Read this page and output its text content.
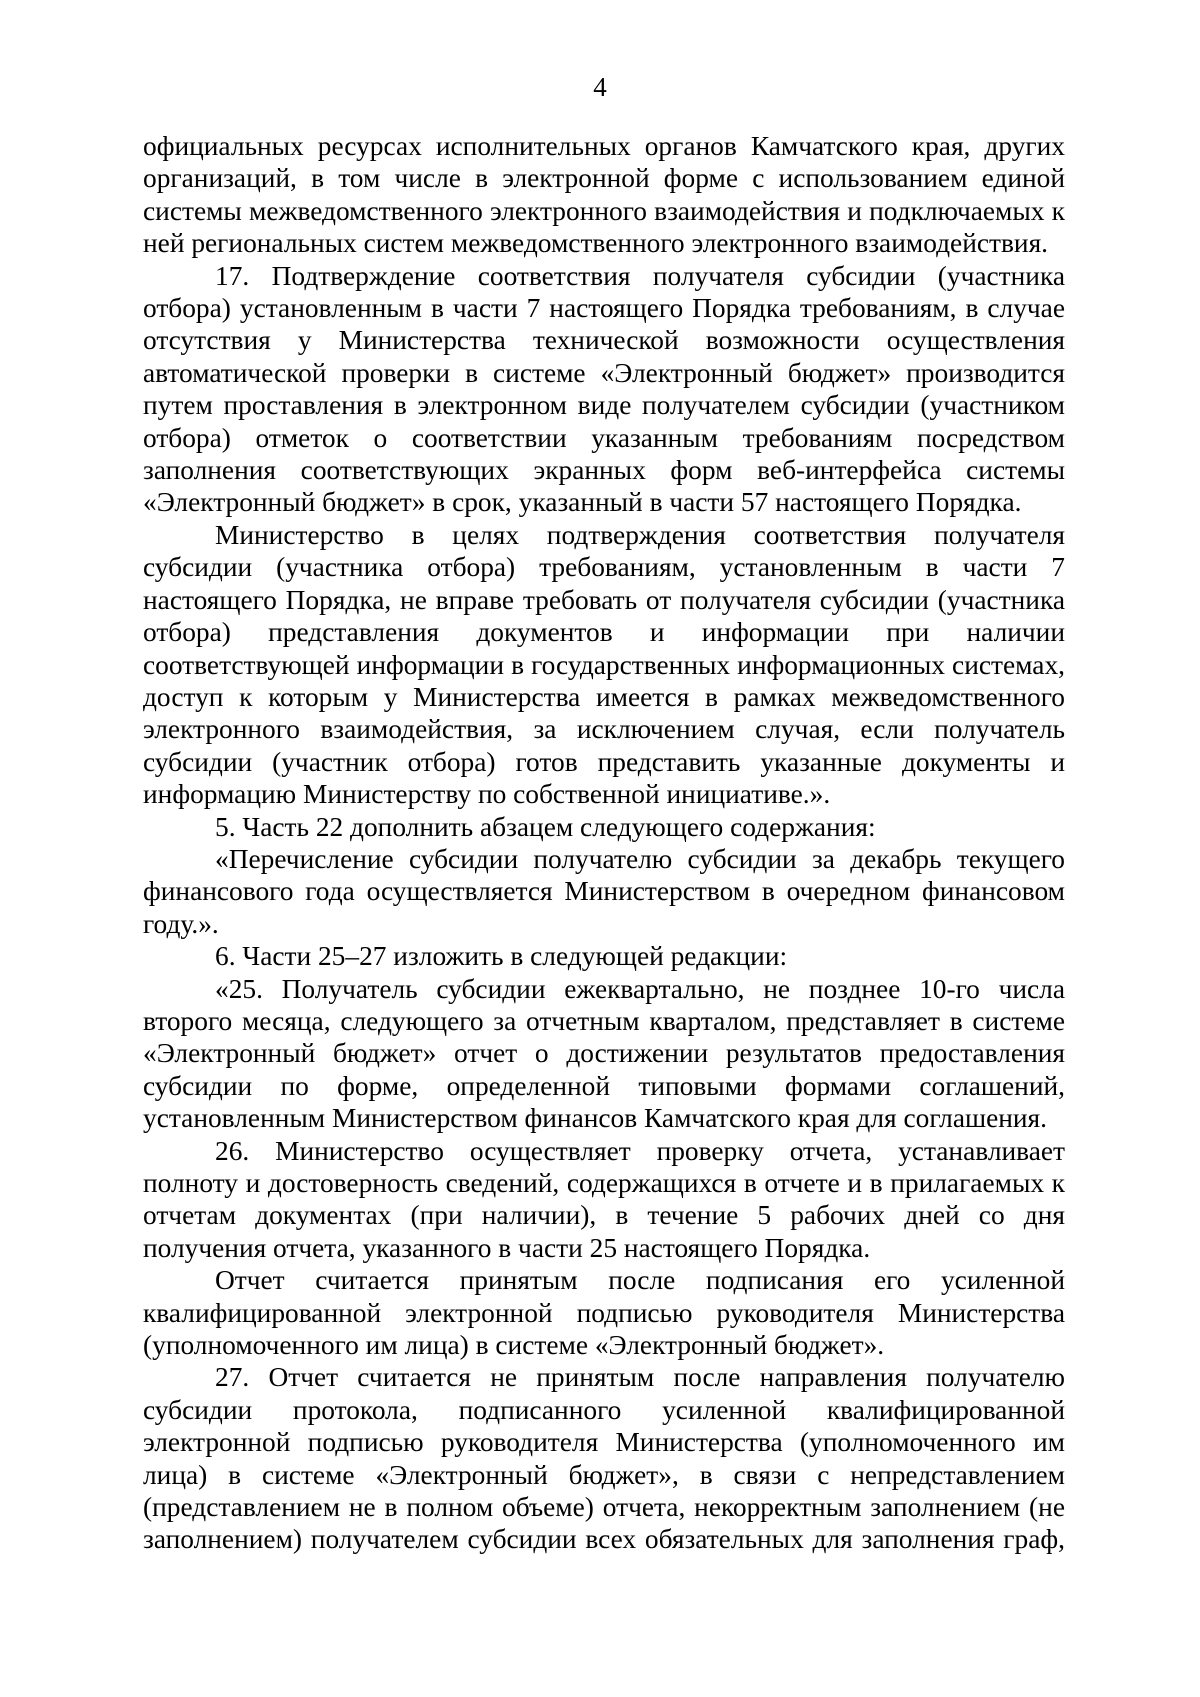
4

официальных ресурсах исполнительных органов Камчатского края, других организаций, в том числе в электронной форме с использованием единой системы межведомственного электронного взаимодействия и подключаемых к ней региональных систем межведомственного электронного взаимодействия.

17. Подтверждение соответствия получателя субсидии (участника отбора) установленным в части 7 настоящего Порядка требованиям, в случае отсутствия у Министерства технической возможности осуществления автоматической проверки в системе «Электронный бюджет» производится путем проставления в электронном виде получателем субсидии (участником отбора) отметок о соответствии указанным требованиям посредством заполнения соответствующих экранных форм веб-интерфейса системы «Электронный бюджет» в срок, указанный в части 57 настоящего Порядка.

Министерство в целях подтверждения соответствия получателя субсидии (участника отбора) требованиям, установленным в части 7 настоящего Порядка, не вправе требовать от получателя субсидии (участника отбора) представления документов и информации при наличии соответствующей информации в государственных информационных системах, доступ к которым у Министерства имеется в рамках межведомственного электронного взаимодействия, за исключением случая, если получатель субсидии (участник отбора) готов представить указанные документы и информацию Министерству по собственной инициативе.».

5. Часть 22 дополнить абзацем следующего содержания:

«Перечисление субсидии получателю субсидии за декабрь текущего финансового года осуществляется Министерством в очередном финансовом году.».

6. Части 25–27 изложить в следующей редакции:

«25. Получатель субсидии ежеквартально, не позднее 10-го числа второго месяца, следующего за отчетным кварталом, представляет в системе «Электронный бюджет» отчет о достижении результатов предоставления субсидии по форме, определенной типовыми формами соглашений, установленным Министерством финансов Камчатского края для соглашения.

26. Министерство осуществляет проверку отчета, устанавливает полноту и достоверность сведений, содержащихся в отчете и в прилагаемых к отчетам документах (при наличии), в течение 5 рабочих дней со дня получения отчета, указанного в части 25 настоящего Порядка.

Отчет считается принятым после подписания его усиленной квалифицированной электронной подписью руководителя Министерства (уполномоченного им лица) в системе «Электронный бюджет».

27. Отчет считается не принятым после направления получателю субсидии протокола, подписанного усиленной квалифицированной электронной подписью руководителя Министерства (уполномоченного им лица) в системе «Электронный бюджет», в связи с непредставлением (представлением не в полном объеме) отчета, некорректным заполнением (не заполнением) получателем субсидии всех обязательных для заполнения граф,
